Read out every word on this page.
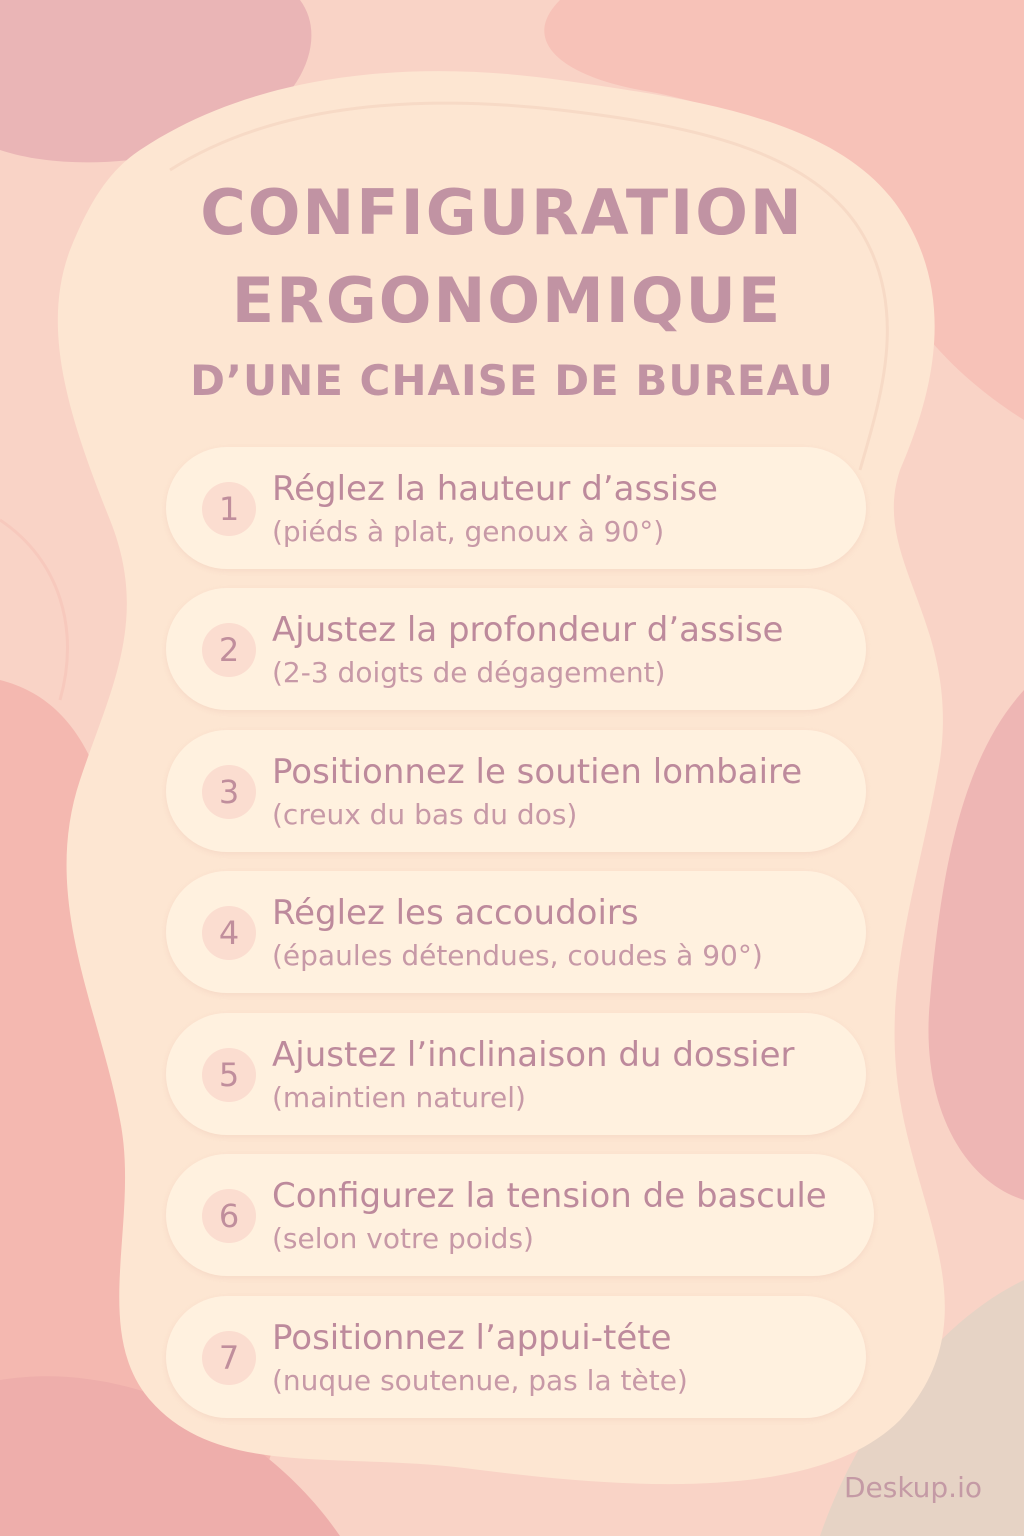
CONFIGURATION
ERGONOMIQUE
D’UNE CHAISE DE BUREAU
1 Réglez la hauteur d’assise
(piéds à plat, genoux à 90°)
2 Ajustez la profondeur d’assise
(2-3 doigts de dégagement)
3 Positionnez le soutien lombaire
(creux du bas du dos)
4 Réglez les accoudoirs
(épaules détendues, coudes à 90°)
5 Ajustez l’inclinaison du dossier
(maintien naturel)
6 Configurez la tension de bascule
(selon votre poids)
7 Positionnez l’appui-téte
(nuque soutenue, pas la tète)
Deskup.io
